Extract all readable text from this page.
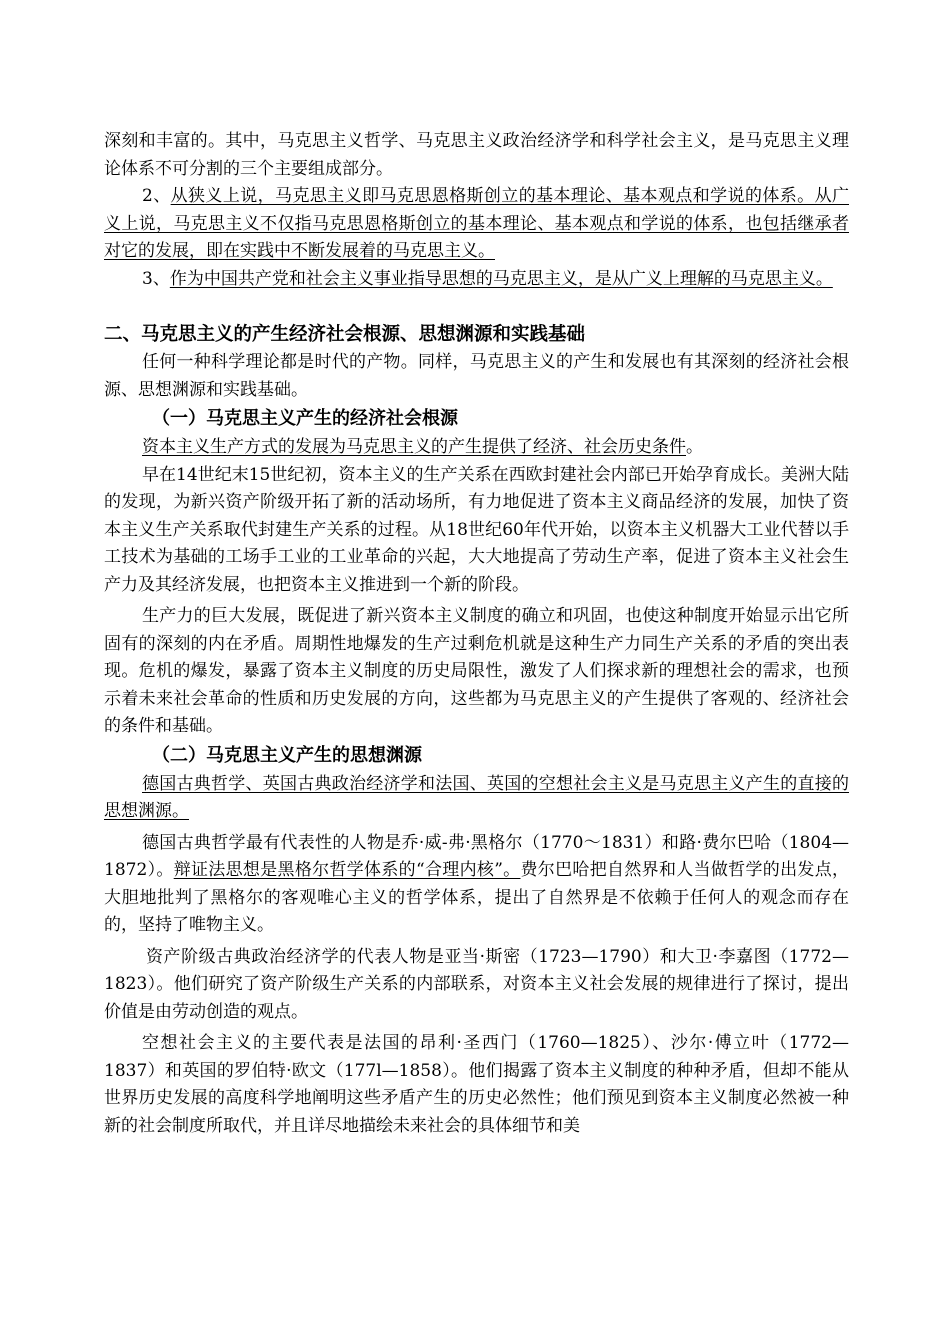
深刻和丰富的。其中，马克思主义哲学、马克思主义政治经济学和科学社会主义，是马克思主义理论体系不可分割的三个主要组成部分。

2、从狭义上说，马克思主义即马克思恩格斯创立的基本理论、基本观点和学说的体系。从广义上说，马克思主义不仅指马克思恩格斯创立的基本理论、基本观点和学说的体系，也包括继承者对它的发展，即在实践中不断发展着的马克思主义。

3、作为中国共产党和社会主义事业指导思想的马克思主义，是从广义上理解的马克思主义。

二、马克思主义的产生经济社会根源、思想渊源和实践基础

任何一种科学理论都是时代的产物。同样，马克思主义的产生和发展也有其深刻的经济社会根源、思想渊源和实践基础。

（一）马克思主义产生的经济社会根源

资本主义生产方式的发展为马克思主义的产生提供了经济、社会历史条件。

早在14世纪末15世纪初，资本主义的生产关系在西欧封建社会内部已开始孕育成长。美洲大陆的发现，为新兴资产阶级开拓了新的活动场所，有力地促进了资本主义商品经济的发展，加快了资本主义生产关系取代封建生产关系的过程。从18世纪60年代开始，以资本主义机器大工业代替以手工技术为基础的工场手工业的工业革命的兴起，大大地提高了劳动生产率，促进了资本主义社会生产力及其经济发展，也把资本主义推进到一个新的阶段。

生产力的巨大发展，既促进了新兴资本主义制度的确立和巩固，也使这种制度开始显示出它所固有的深刻的内在矛盾。周期性地爆发的生产过剩危机就是这种生产力同生产关系的矛盾的突出表现。危机的爆发，暴露了资本主义制度的历史局限性，激发了人们探求新的理想社会的需求，也预示着未来社会革命的性质和历史发展的方向，这些都为马克思主义的产生提供了客观的、经济社会的条件和基础。

（二）马克思主义产生的思想渊源

德国古典哲学、英国古典政治经济学和法国、英国的空想社会主义是马克思主义产生的直接的思想渊源。

德国古典哲学最有代表性的人物是乔·威-弗·黑格尔（1770～1831）和路·费尔巴哈（1804—1872）。辩证法思想是黑格尔哲学体系的“合理内核”。费尔巴哈把自然界和人当做哲学的出发点，大胆地批判了黑格尔的客观唯心主义的哲学体系，提出了自然界是不依赖于任何人的观念而存在的，坚持了唯物主义。

资产阶级古典政治经济学的代表人物是亚当·斯密（1723—1790）和大卫·李嘉图（1772—1823）。他们研究了资产阶级生产关系的内部联系，对资本主义社会发展的规律进行了探讨，提出价值是由劳动创造的观点。

空想社会主义的主要代表是法国的昂利·圣西门（1760—1825）、沙尔·傅立叶（1772—1837）和英国的罗伯特·欧文（177l—1858）。他们揭露了资本主义制度的种种矛盾，但却不能从世界历史发展的高度科学地阐明这些矛盾产生的历史必然性；他们预见到资本主义制度必然被一种新的社会制度所取代，并且详尽地描绘未来社会的具体细节和美
